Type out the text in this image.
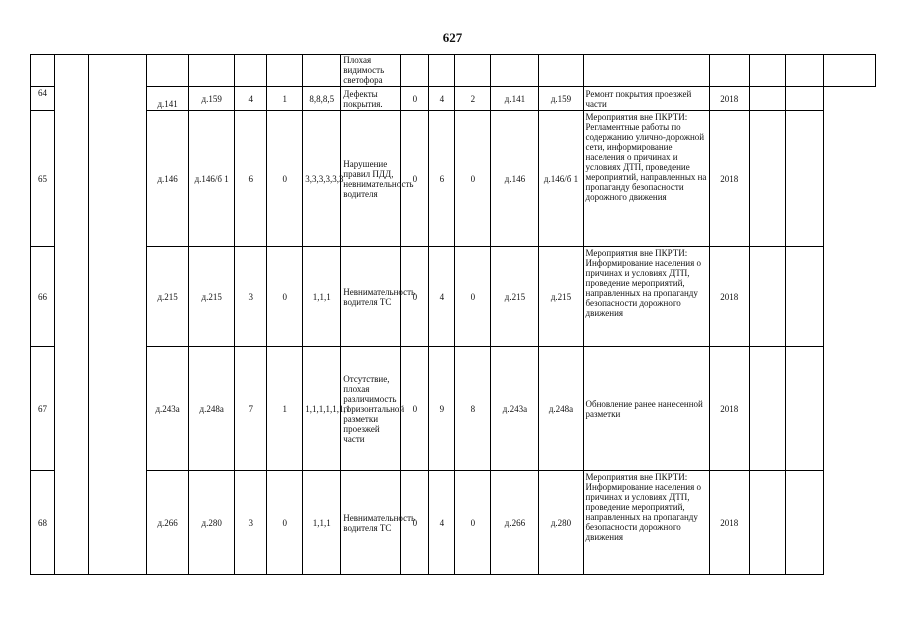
627
								Плохая видимость светофора										
64			д.141	д.159	4	1	8,8,8,5	Дефекты покрытия.	0	4	2	д.141	д.159	Ремонт покрытия проезжей части	2018			
65			д.146	д.146/б 1	6	0	3,3,3,3,3,3	Нарушение правил ПДД, невнимательность водителя	0	6	0	д.146	д.146/б 1	Мероприятия вне ПКРТИ: Регламентные работы по содержанию улично-дорожной сети, информирование населения о причинах и условиях ДТП, проведение мероприятий, направленных на пропаганду безопасности дорожного движения	2018			
66			д.215	д.215	3	0	1,1,1	Невнимательность водителя ТС	0	4	0	д.215	д.215	Мероприятия вне ПКРТИ: Информирование населения о причинах и условиях ДТП, проведение мероприятий, направленных на пропаганду безопасности дорожного движения	2018			
67			д.243а	д.248а	7	1	1,1,1,1,1,1,1	Отсутствие, плохая различимость горизонтальной разметки проезжей части	0	9	8	д.243а	д.248а	Обновление ранее нанесенной разметки	2018			
68			д.266	д.280	3	0	1,1,1	Невнимательность водителя ТС	0	4	0	д.266	д.280	Мероприятия вне ПКРТИ: Информирование населения о причинах и условиях ДТП, проведение мероприятий, направленных на пропаганду безопасности дорожного движения	2018			
